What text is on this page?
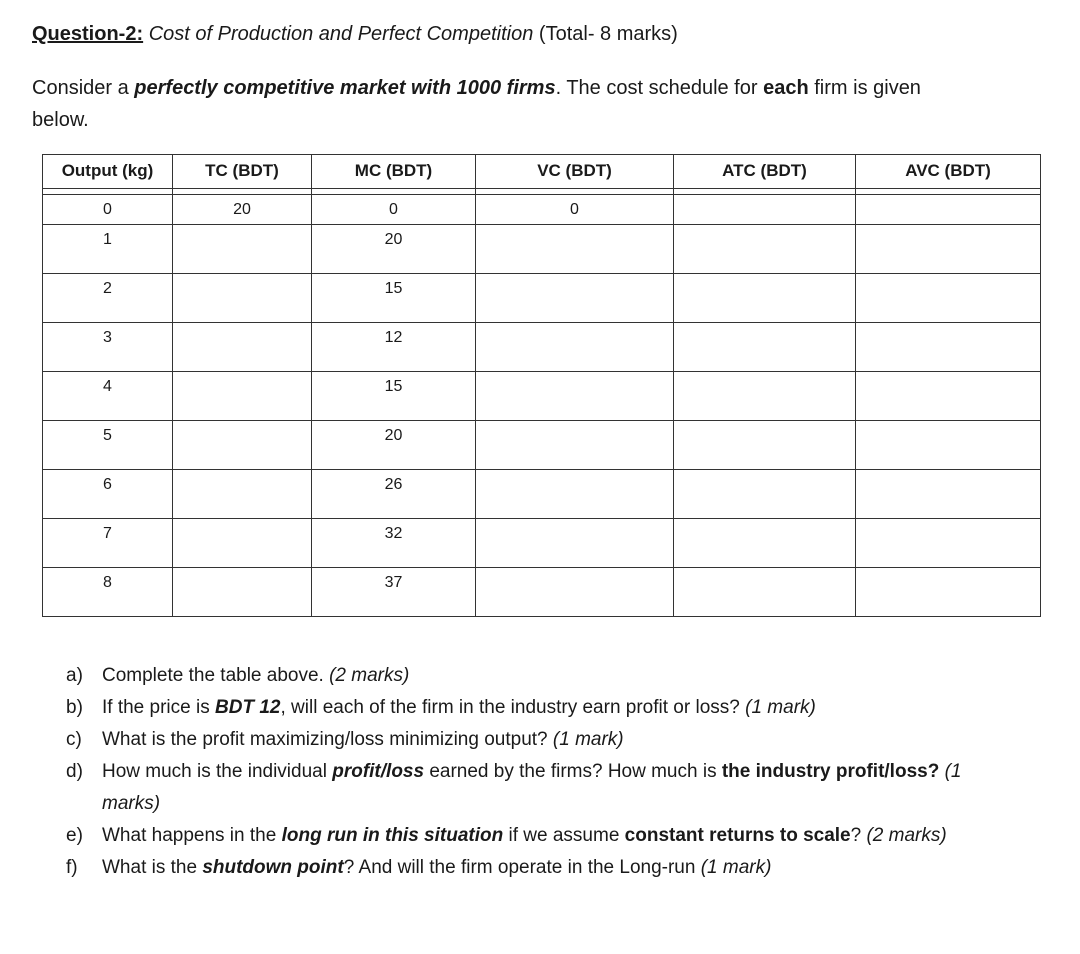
Question-2: Cost of Production and Perfect Competition (Total- 8 marks)
Consider a perfectly competitive market with 1000 firms. The cost schedule for each firm is given below.
Output (kg)	TC (BDT)	MC (BDT)	VC (BDT)	ATC (BDT)	AVC (BDT)

0	20	0	0		
1		20			
2		15			
3		12			
4		15			
5		20			
6		26			
7		32			
8		37			
a)	Complete the table above. (2 marks)
b)	If the price is BDT 12, will each of the firm in the industry earn profit or loss? (1 mark)
c)	What is the profit maximizing/loss minimizing output? (1 mark)
d)	How much is the individual profit/loss earned by the firms? How much is the industry profit/loss? (1 marks)
e)	What happens in the long run in this situation if we assume constant returns to scale? (2 marks)
f)	What is the shutdown point? And will the firm operate in the Long-run (1 mark)
